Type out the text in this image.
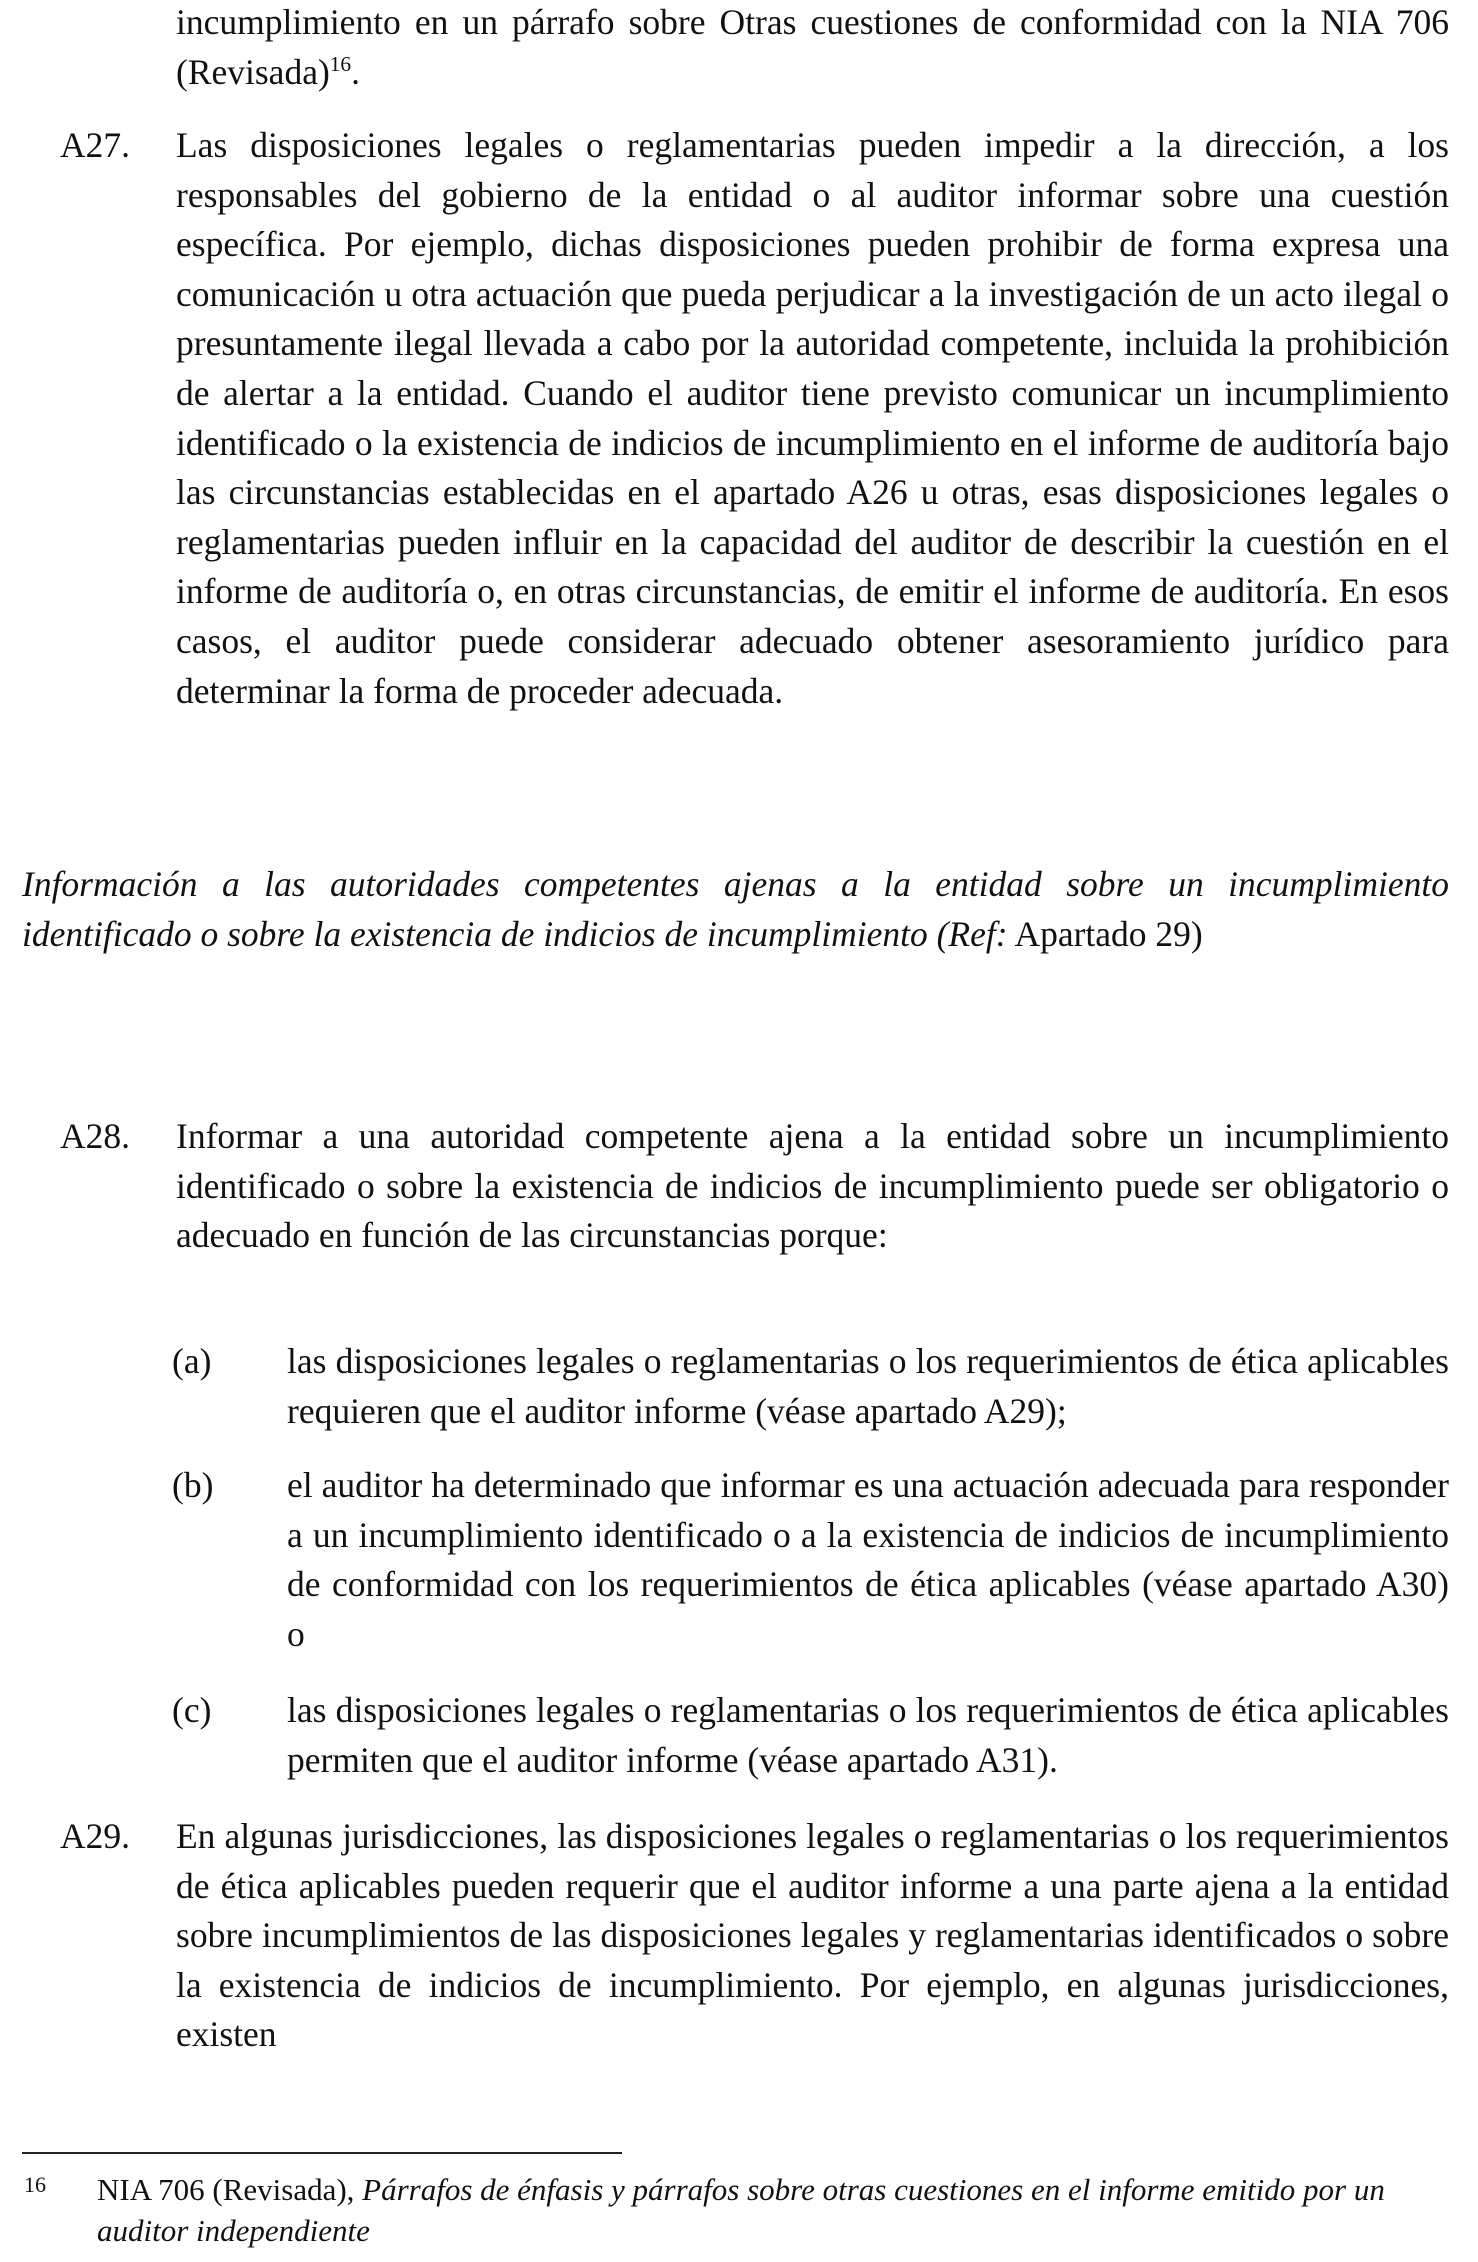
incumplimiento en un párrafo sobre Otras cuestiones de conformidad con la NIA 706 (Revisada)$^{16}$.
A27. Las disposiciones legales o reglamentarias pueden impedir a la dirección, a los responsables del gobierno de la entidad o al auditor informar sobre una cuestión específica. Por ejemplo, dichas disposiciones pueden prohibir de forma expresa una comunicación u otra actuación que pueda perjudicar a la investigación de un acto ilegal o presuntamente ilegal llevada a cabo por la autoridad competente, incluida la prohibición de alertar a la entidad. Cuando el auditor tiene previsto comunicar un incumplimiento identificado o la existencia de indicios de incumplimiento en el informe de auditoría bajo las circunstancias establecidas en el apartado A26 u otras, esas disposiciones legales o reglamentarias pueden influir en la capacidad del auditor de describir la cuestión en el informe de auditoría o, en otras circunstancias, de emitir el informe de auditoría. En esos casos, el auditor puede considerar adecuado obtener asesoramiento jurídico para determinar la forma de proceder adecuada.
Información a las autoridades competentes ajenas a la entidad sobre un incumplimiento identificado o sobre la existencia de indicios de incumplimiento (Ref: Apartado 29)
A28. Informar a una autoridad competente ajena a la entidad sobre un incumplimiento identificado o sobre la existencia de indicios de incumplimiento puede ser obligatorio o adecuado en función de las circunstancias porque:
(a) las disposiciones legales o reglamentarias o los requerimientos de ética aplicables requieren que el auditor informe (véase apartado A29);
(b) el auditor ha determinado que informar es una actuación adecuada para responder a un incumplimiento identificado o a la existencia de indicios de incumplimiento de conformidad con los requerimientos de ética aplicables (véase apartado A30) o
(c) las disposiciones legales o reglamentarias o los requerimientos de ética aplicables permiten que el auditor informe (véase apartado A31).
A29. En algunas jurisdicciones, las disposiciones legales o reglamentarias o los requerimientos de ética aplicables pueden requerir que el auditor informe a una parte ajena a la entidad sobre incumplimientos de las disposiciones legales y reglamentarias identificados o sobre la existencia de indicios de incumplimiento. Por ejemplo, en algunas jurisdicciones, existen
16 NIA 706 (Revisada), Párrafos de énfasis y párrafos sobre otras cuestiones en el informe emitido por un auditor independiente
